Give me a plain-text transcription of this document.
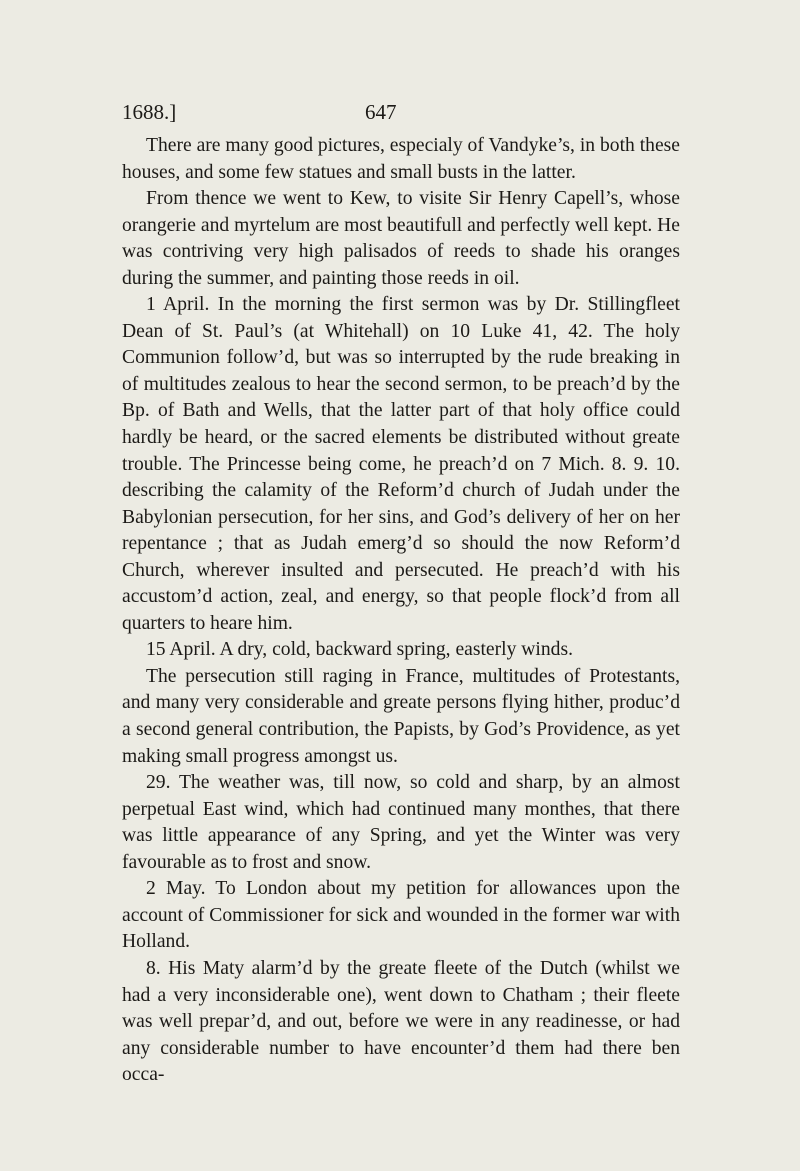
1688.]	647

There are many good pictures, especialy of Vandyke’s, in both these houses, and some few statues and small busts in the latter.

From thence we went to Kew, to visite Sir Henry Capell’s, whose orangerie and myrtelum are most beautifull and perfectly well kept. He was contriving very high palisados of reeds to shade his oranges during the summer, and painting those reeds in oil.

1 April. In the morning the first sermon was by Dr. Stillingfleet Dean of St. Paul’s (at Whitehall) on 10 Luke 41, 42. The holy Communion follow’d, but was so interrupted by the rude breaking in of multitudes zealous to hear the second sermon, to be preach’d by the Bp. of Bath and Wells, that the latter part of that holy office could hardly be heard, or the sacred elements be distributed without greate trouble. The Princesse being come, he preach’d on 7 Mich. 8. 9. 10. describing the calamity of the Reform’d church of Judah under the Babylonian persecution, for her sins, and God’s delivery of her on her repentance ; that as Judah emerg’d so should the now Reform’d Church, wherever insulted and persecuted. He preach’d with his accustom’d action, zeal, and energy, so that people flock’d from all quarters to heare him.

15 April. A dry, cold, backward spring, easterly winds.

The persecution still raging in France, multitudes of Protestants, and many very considerable and greate persons flying hither, produc’d a second general contribution, the Papists, by God’s Providence, as yet making small progress amongst us.

29. The weather was, till now, so cold and sharp, by an almost perpetual East wind, which had continued many monthes, that there was little appearance of any Spring, and yet the Winter was very favourable as to frost and snow.

2 May. To London about my petition for allowances upon the account of Commissioner for sick and wounded in the former war with Holland.

8. His Maty alarm’d by the greate fleete of the Dutch (whilst we had a very inconsiderable one), went down to Chatham ; their fleete was well prepar’d, and out, before we were in any readinesse, or had any considerable number to have encounter’d them had there ben occa-
